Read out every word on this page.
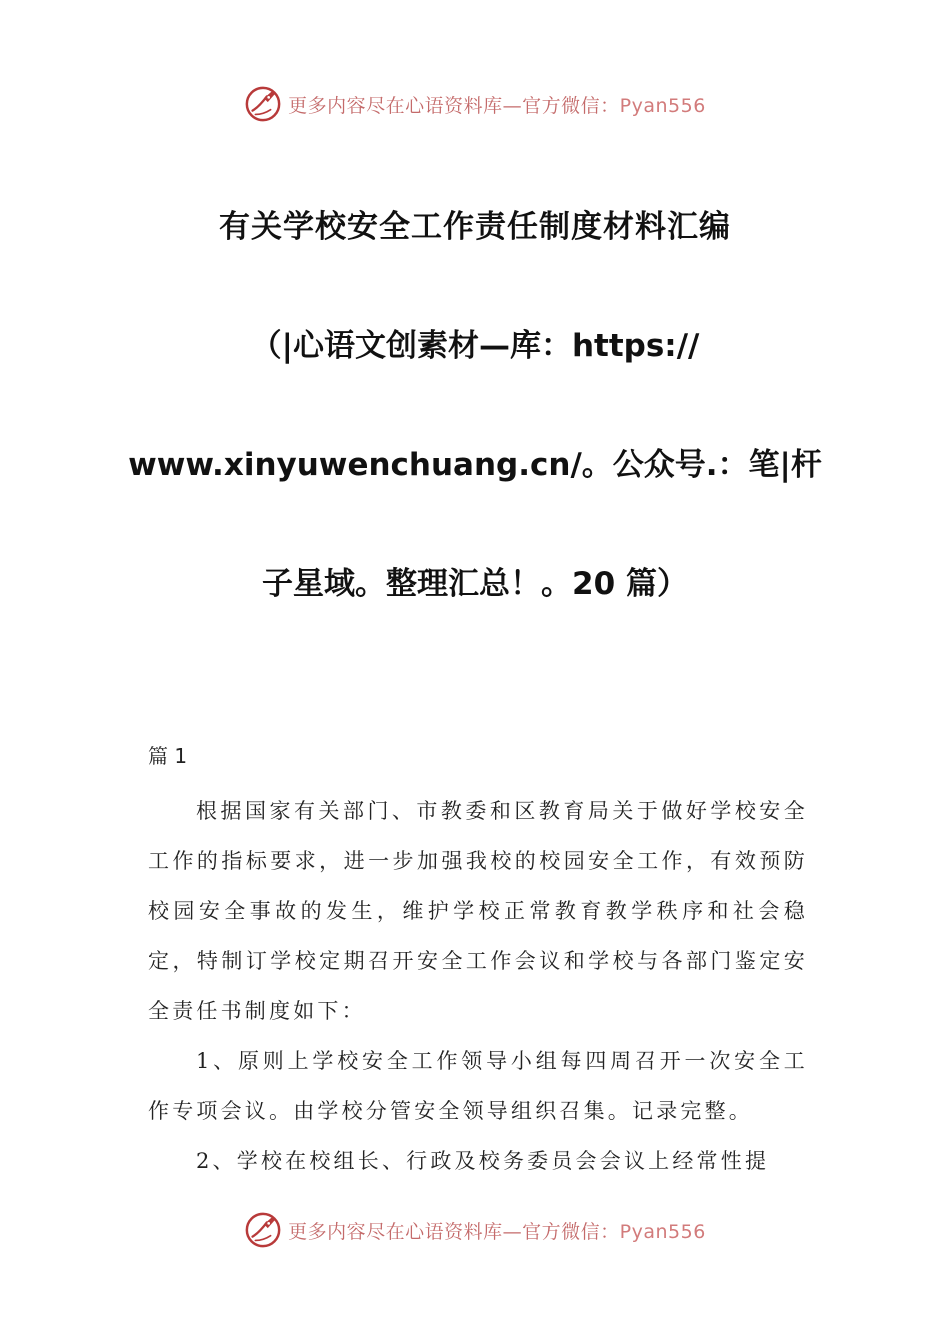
更多内容尽在心语资料库—官方微信：Pyan556

有关学校安全工作责任制度材料汇编

（|心语文创素材—库：https://

www.xinyuwenchuang.cn/。公众号.：笔|杆

子星域。整理汇总！。20 篇）

篇 1

根据国家有关部门、市教委和区教育局关于做好学校安全工作的指标要求，进一步加强我校的校园安全工作，有效预防校园安全事故的发生，维护学校正常教育教学秩序和社会稳定，特制订学校定期召开安全工作会议和学校与各部门鉴定安全责任书制度如下：

1、原则上学校安全工作领导小组每四周召开一次安全工作专项会议。由学校分管安全领导组织召集。记录完整。

2、学校在校组长、行政及校务委员会会议上经常性提

更多内容尽在心语资料库—官方微信：Pyan556
